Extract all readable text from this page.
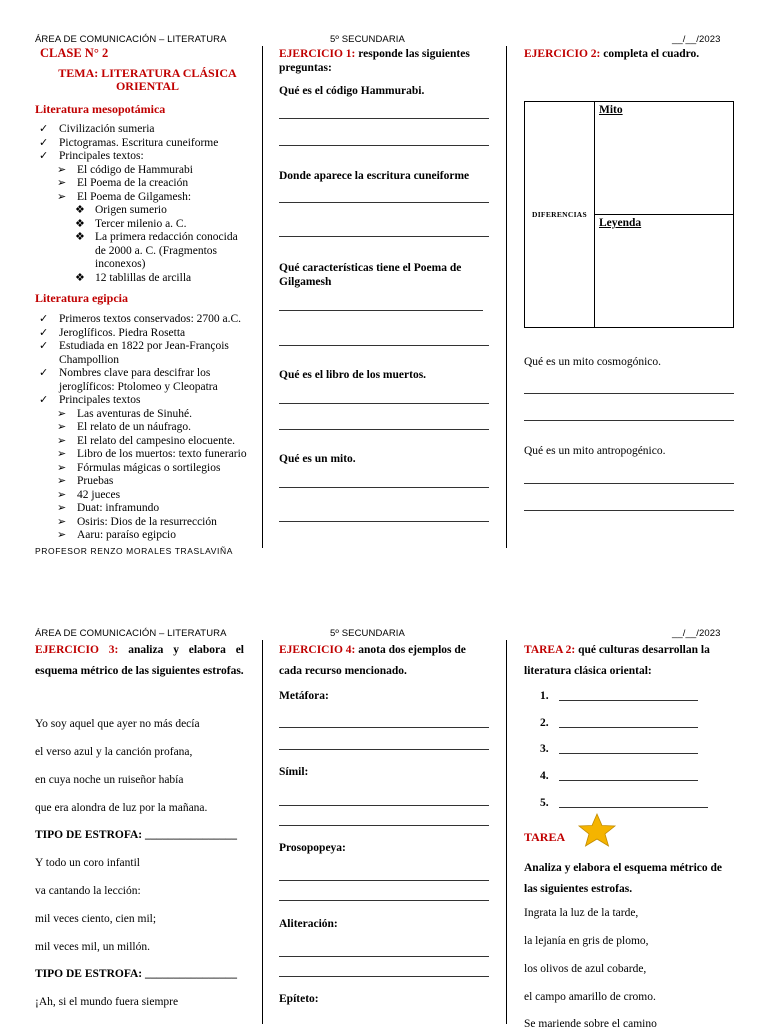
ÁREA DE COMUNICACIÓN – LITERATURA	5º SECUNDARIA	__/__/2023
CLASE N° 2
TEMA: LITERATURA CLÁSICA
ORIENTAL
Literatura mesopotámica
✓ Civilización sumeria
✓ Pictogramas. Escritura cuneiforme
✓ Principales textos:
➢ El código de Hammurabi
➢ El Poema de la creación
➢ El Poema de Gilgamesh:
❖ Origen sumerio
❖ Tercer milenio a. C.
❖ La primera redacción conocida
de 2000 a. C. (Fragmentos
inconexos)
❖ 12 tablillas de arcilla
Literatura egipcia
✓ Primeros textos conservados: 2700 a.C.
✓ Jeroglíficos. Piedra Rosetta
✓ Estudiada en 1822 por Jean-François
Champollion
✓ Nombres clave para descifrar los
jeroglíficos: Ptolomeo y Cleopatra
✓ Principales textos
➢ Las aventuras de Sinuhé.
➢ El relato de un náufrago.
➢ El relato del campesino elocuente.
➢ Libro de los muertos: texto funerario
➢ Fórmulas mágicas o sortilegios
➢ Pruebas
➢ 42 jueces
➢ Duat: inframundo
➢ Osiris: Dios de la resurrección
➢ Aaru: paraíso egipcio
PROFESOR RENZO MORALES TRASLAVIÑA
EJERCICIO 1: responde las siguientes
preguntas:
Qué es el código Hammurabi.
Donde aparece la escritura cuneiforme
Qué características tiene el Poema de
Gilgamesh
Qué es el libro de los muertos.
Qué es un mito.
EJERCICIO 2: completa el cuadro.
DIFERENCIAS

Mito

Leyenda
Qué es un mito cosmogónico.
Qué es un mito antropogénico.
ÁREA DE COMUNICACIÓN – LITERATURA	5º SECUNDARIA	__/__/2023
EJERCICIO 3: analiza y elabora el
esquema métrico de las siguientes estrofas.
Yo soy aquel que ayer no más decía
el verso azul y la canción profana,
en cuya noche un ruiseñor había
que era alondra de luz por la mañana.
TIPO DE ESTROFA: ________________
Y todo un coro infantil
va cantando la lección:
mil veces ciento, cien mil;
mil veces mil, un millón.
TIPO DE ESTROFA: ________________
¡Ah, si el mundo fuera siempre
EJERCICIO 4: anota dos ejemplos de
cada recurso mencionado.
Metáfora:
Símil:
Prosopopeya:
Aliteración:
Epíteto:
TAREA 2: qué culturas desarrollan la
literatura clásica oriental:
1.
2.
3.
4.
5.
TAREA
Analiza y elabora el esquema métrico de
las siguientes estrofas.
Ingrata la luz de la tarde,
la lejanía en gris de plomo,
los olivos de azul cobarde,
el campo amarillo de cromo.
Se mariende sobre el camino
